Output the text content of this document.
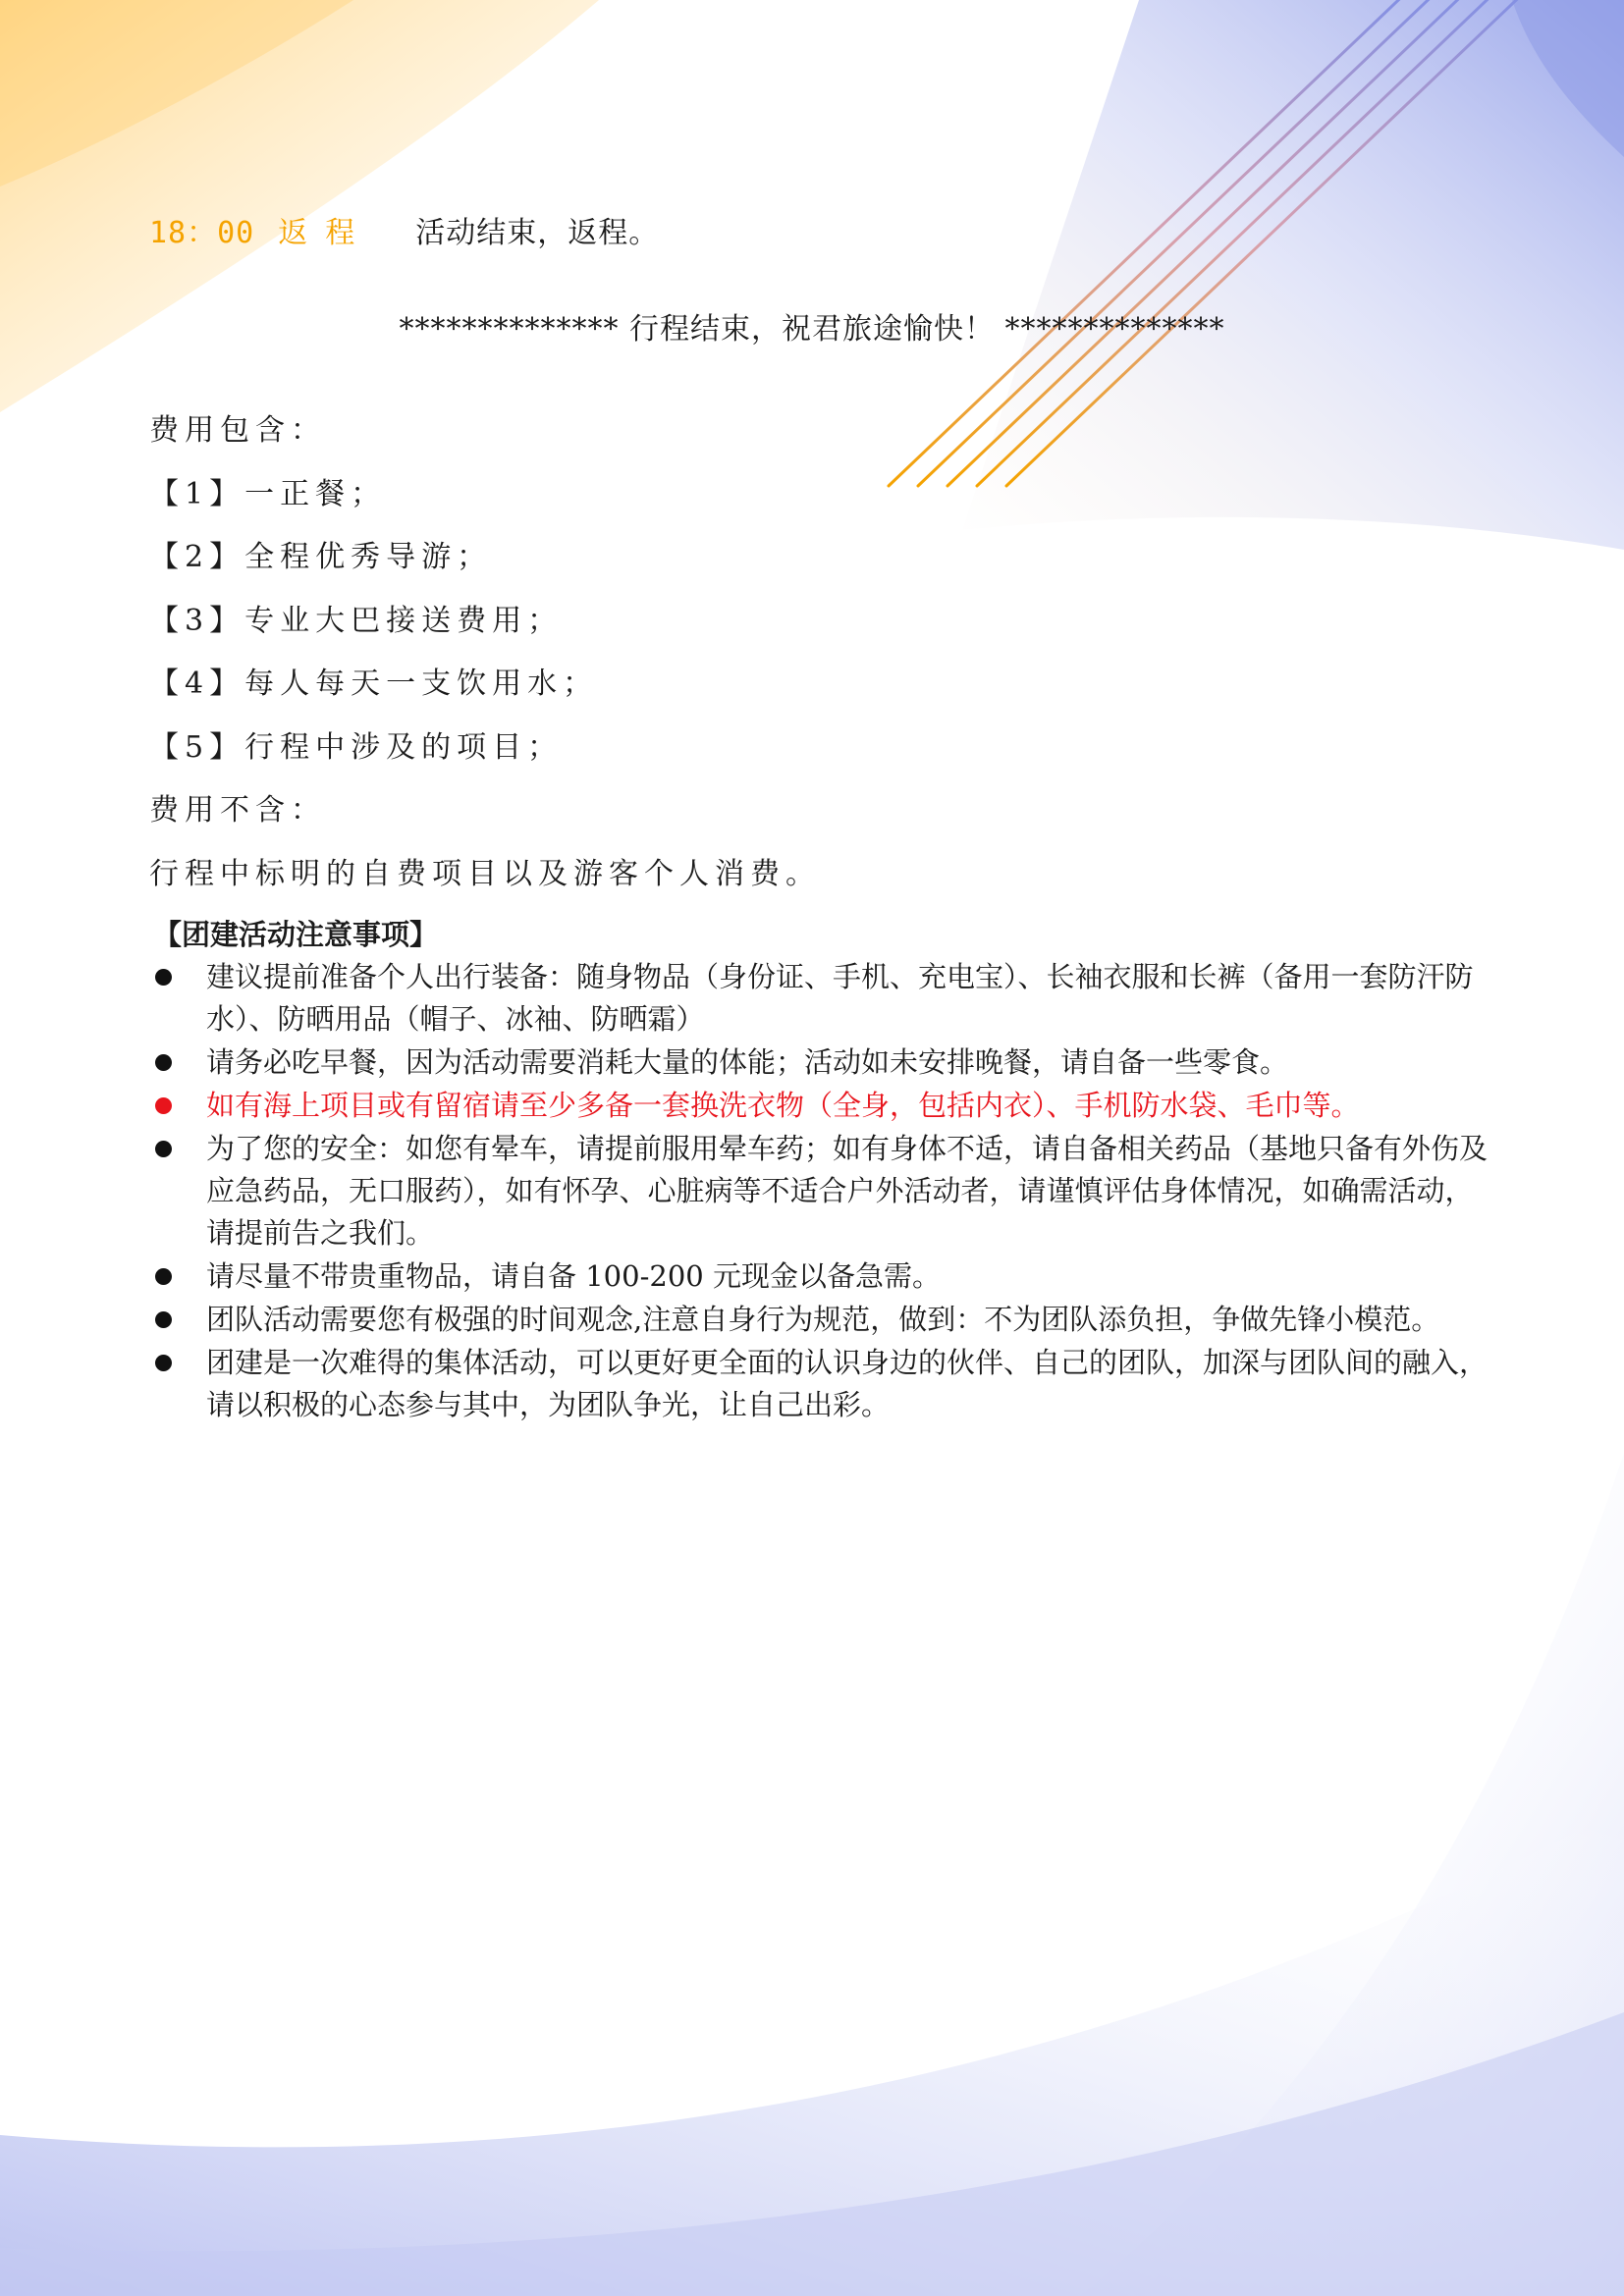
18：00 返程 活动结束，返程。
************** 行程结束，祝君旅途愉快！ **************
费用包含：
【1】一正餐；
【2】全程优秀导游；
【3】专业大巴接送费用；
【4】每人每天一支饮用水；
【5】行程中涉及的项目；
费用不含：
行程中标明的自费项目以及游客个人消费。
【团建活动注意事项】
建议提前准备个人出行装备：随身物品（身份证、手机、充电宝）、长袖衣服和长裤（备用一套防汗防水）、防晒用品（帽子、冰袖、防晒霜）
请务必吃早餐，因为活动需要消耗大量的体能；活动如未安排晚餐，请自备一些零食。
如有海上项目或有留宿请至少多备一套换洗衣物（全身，包括内衣）、手机防水袋、毛巾等。
为了您的安全：如您有晕车，请提前服用晕车药；如有身体不适，请自备相关药品（基地只备有外伤及应急药品，无口服药），如有怀孕、心脏病等不适合户外活动者，请谨慎评估身体情况，如确需活动，请提前告之我们。
请尽量不带贵重物品，请自备 100-200 元现金以备急需。
团队活动需要您有极强的时间观念,注意自身行为规范，做到：不为团队添负担，争做先锋小模范。
团建是一次难得的集体活动，可以更好更全面的认识身边的伙伴、自己的团队，加深与团队间的融入，请以积极的心态参与其中，为团队争光，让自己出彩。
